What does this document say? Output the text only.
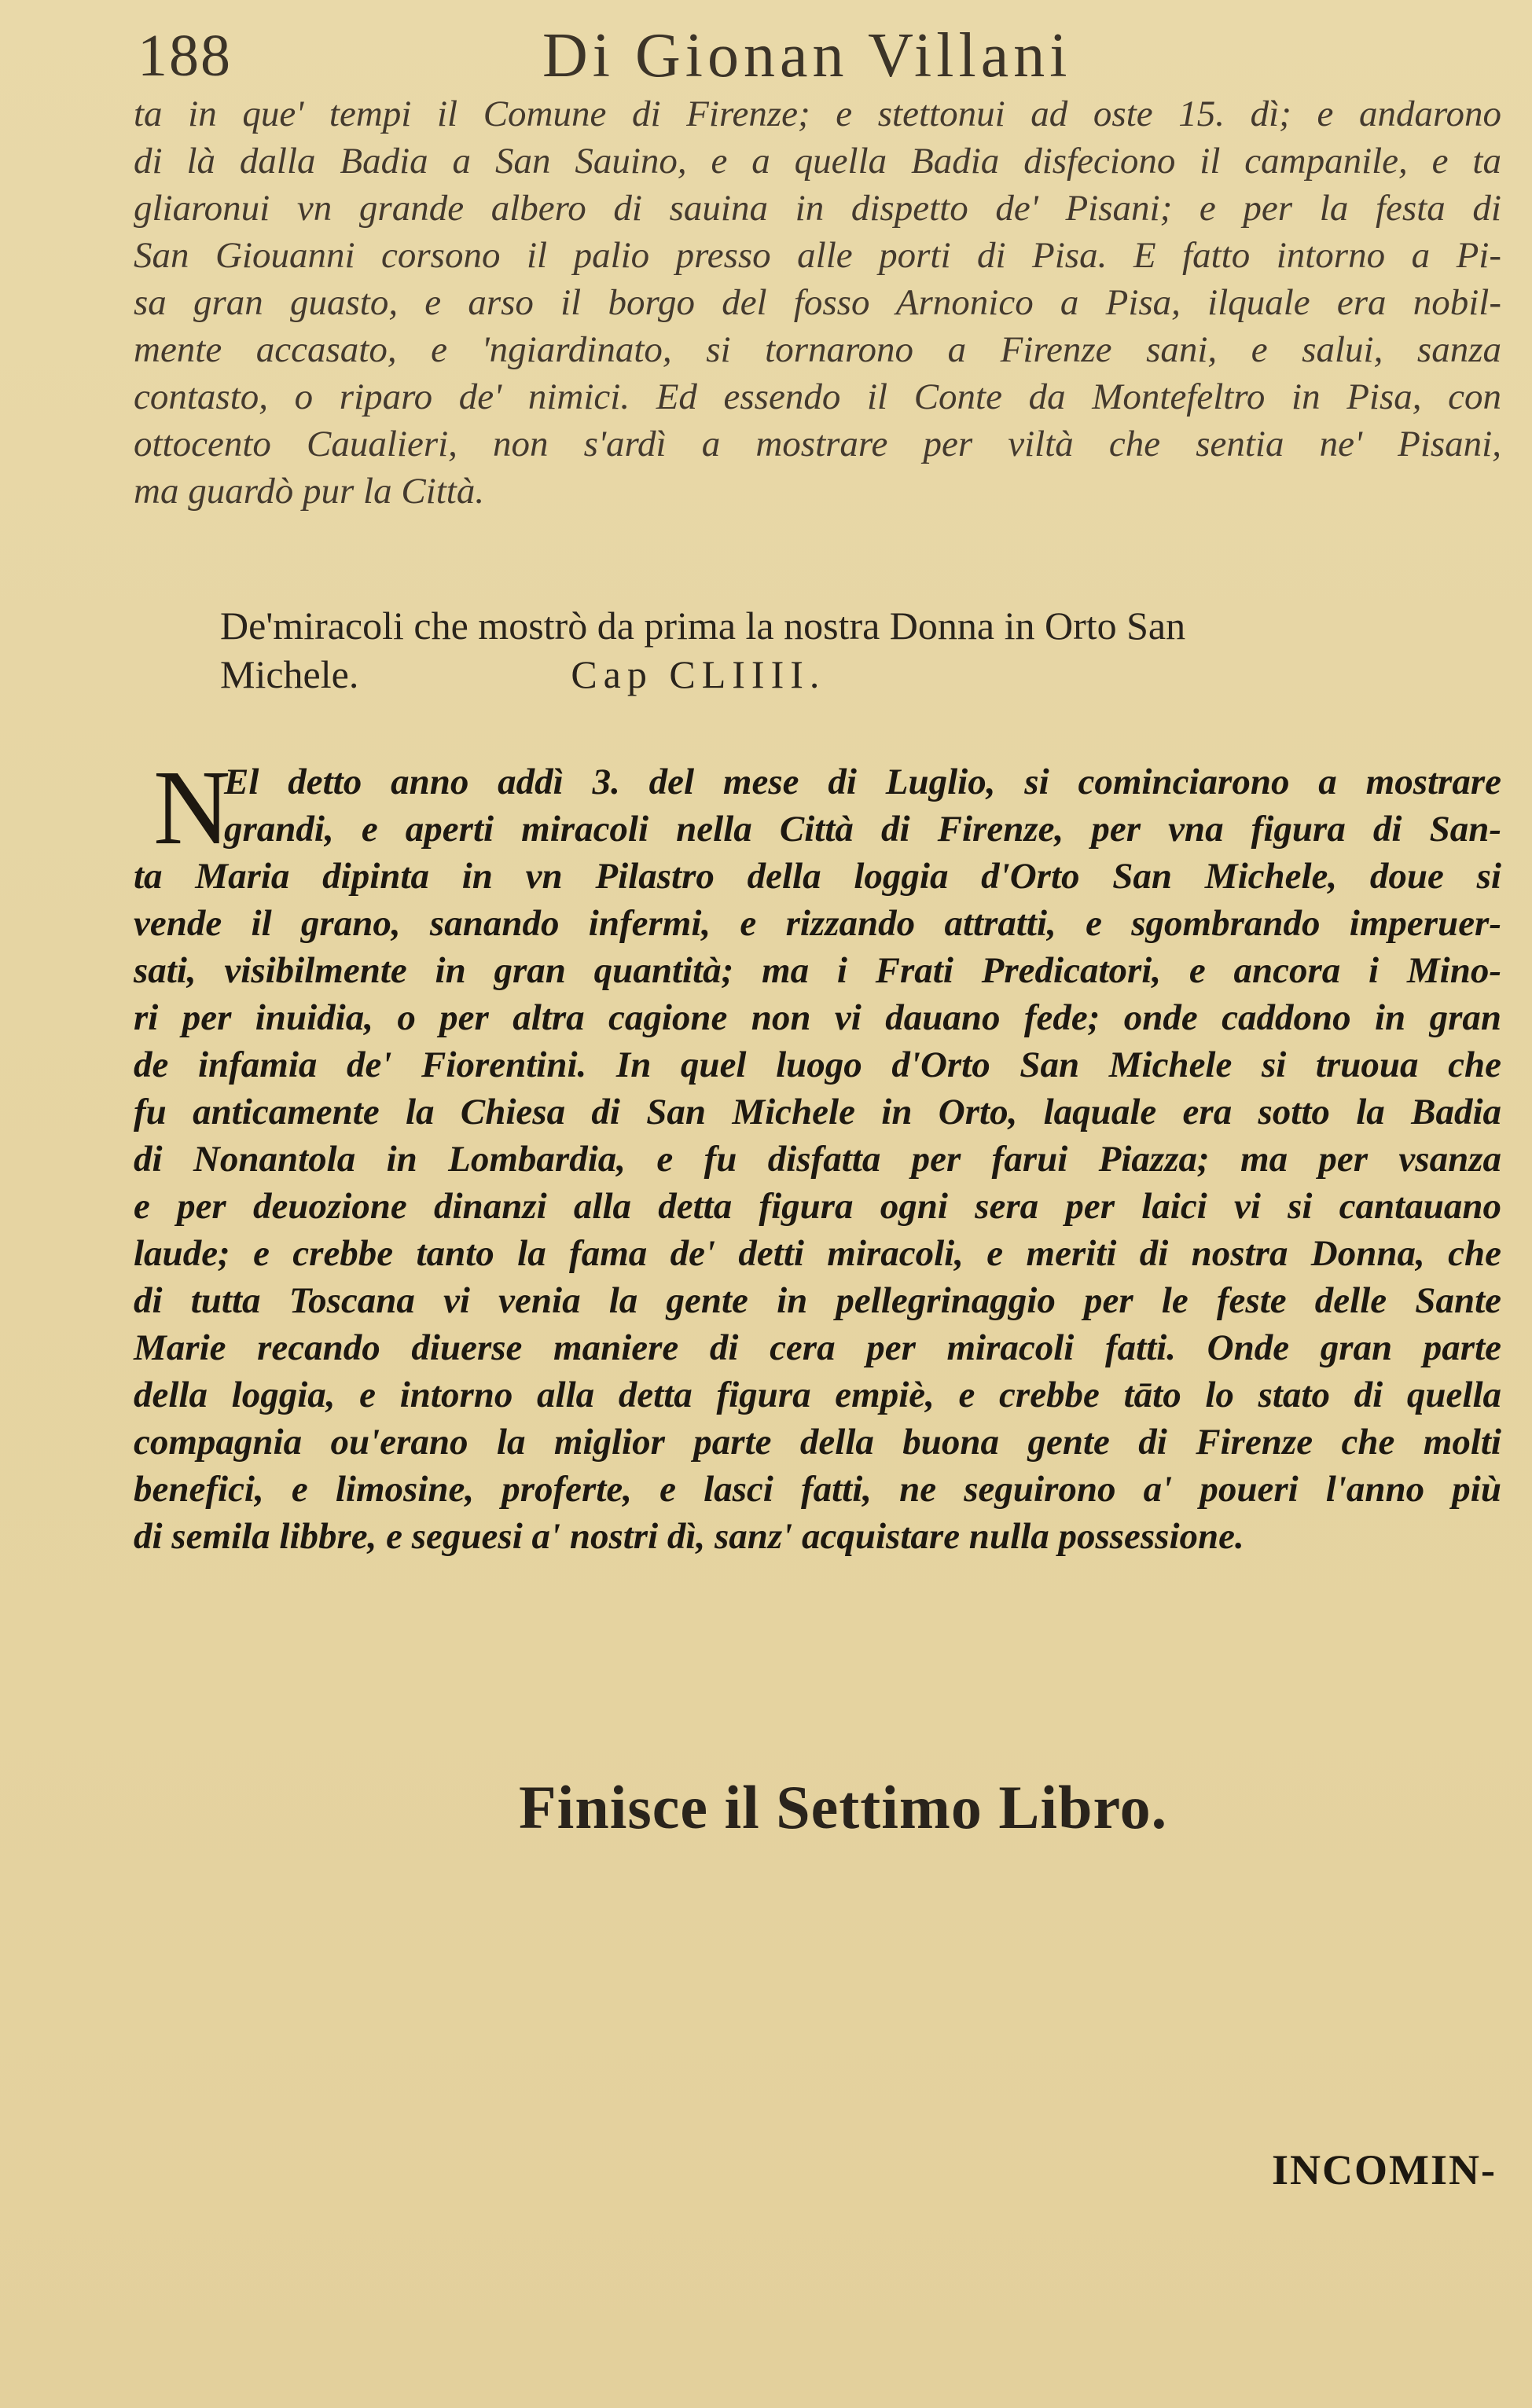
188	Di Gionan Villani
ta in que' tempi il Comune di Firenze; e stettonui ad oste 15. dì; e andarono
di là dalla Badia a San Sauino, e a quella Badia disfeciono il campanile, e ta
gliaronui vn grande albero di sauina in dispetto de' Pisani; e per la festa di
San Giouanni corsono il palio presso alle porti di Pisa. E fatto intorno a Pi-
sa gran guasto, e arso il borgo del fosso Arnonico a Pisa, ilquale era nobil-
mente accasato, e 'ngiardinato, si tornarono a Firenze sani, e salui, sanza
contasto, o riparo de' nimici. Ed essendo il Conte da Montefeltro in Pisa, con
ottocento Caualieri, non s'ardì a mostrare per viltà che sentia ne' Pisani,
ma guardò pur la Città.
De'miracoli che mostrò da prima la nostra Donna in Orto San
Michele.	Cap CLIIII.
N
El detto anno addì 3. del mese di Luglio, si cominciarono a mostrare
grandi, e aperti miracoli nella Città di Firenze, per vna figura di San-
ta Maria dipinta in vn Pilastro della loggia d'Orto San Michele, doue si
vende il grano, sanando infermi, e rizzando attratti, e sgombrando imperuer-
sati, visibilmente in gran quantità; ma i Frati Predicatori, e ancora i Mino-
ri per inuidia, o per altra cagione non vi dauano fede; onde caddono in gran
de infamia de' Fiorentini. In quel luogo d'Orto San Michele si truoua che
fu anticamente la Chiesa di San Michele in Orto, laquale era sotto la Badia
di Nonantola in Lombardia, e fu disfatta per farui Piazza; ma per vsanza
e per deuozione dinanzi alla detta figura ogni sera per laici vi si cantauano
laude; e crebbe tanto la fama de' detti miracoli, e meriti di nostra Donna, che
di tutta Toscana vi venia la gente in pellegrinaggio per le feste delle Sante
Marie recando diuerse maniere di cera per miracoli fatti. Onde gran parte
della loggia, e intorno alla detta figura empiè, e crebbe tāto lo stato di quella
compagnia ou'erano la miglior parte della buona gente di Firenze che molti
benefici, e limosine, proferte, e lasci fatti, ne seguirono a' poueri l'anno più
di semila libbre, e seguesi a' nostri dì, sanz' acquistare nulla possessione.
Finisce il Settimo Libro.
INCOMIN-
